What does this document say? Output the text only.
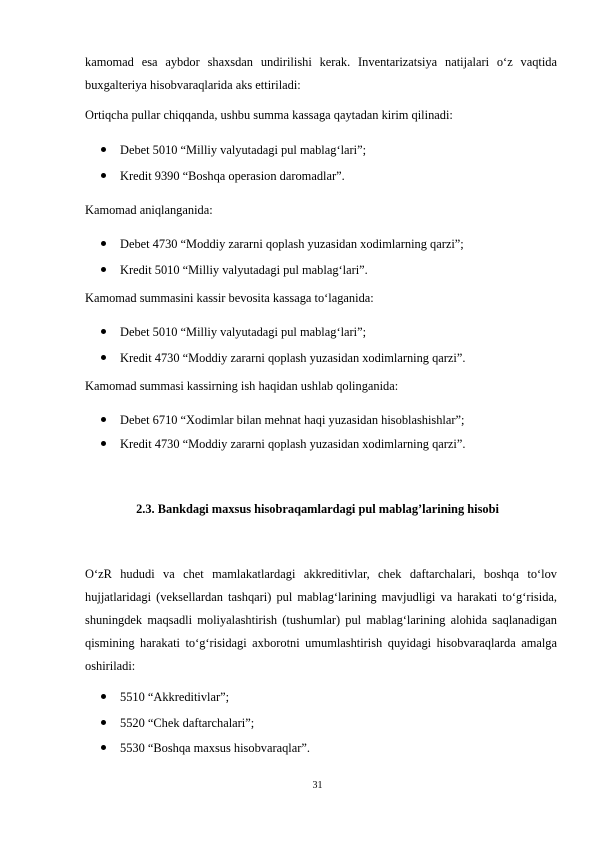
kamomad esa aybdor shaxsdan undirilishi kerak. Inventarizatsiya natijalari o‘z vaqtida buxgalteriya hisobvaraqlarida aks ettiriladi:

Ortiqcha pullar chiqqanda, ushbu summa kassaga qaytadan kirim qilinadi:
Debet 5010 “Milliy valyutadagi pul mablag‘lari”;
Kredit 9390 “Boshqa operasion daromadlar”.
Kamomad aniqlanganida:
Debet 4730 “Moddiy zararni qoplash yuzasidan xodimlarning qarzi”;
Kredit 5010 “Milliy valyutadagi pul mablag‘lari”.
Kamomad summasini kassir bevosita kassaga to‘laganida:
Debet 5010 “Milliy valyutadagi pul mablag‘lari”;
Kredit 4730 “Moddiy zararni qoplash yuzasidan xodimlarning qarzi”.
Kamomad summasi kassirning ish haqidan ushlab qolinganida:
Debet 6710 “Xodimlar bilan mehnat haqi yuzasidan hisoblashishlar”;
Kredit 4730 “Moddiy zararni qoplash yuzasidan xodimlarning qarzi”.
2.3. Bankdagi maxsus hisobraqamlardagi pul mablag’larining hisobi

O‘zR hududi va chet mamlakatlardagi akkreditivlar, chek daftarchalari, boshqa to‘lov hujjatlaridagi (veksellardan tashqari) pul mablag‘larining mavjudligi va harakati to‘g‘risida, shuningdek maqsadli moliyalashtirish (tushumlar) pul mablag‘larining alohida saqlanadigan qismining harakati to‘g‘risidagi axborotni umumlashtirish quyidagi hisobvaraqlarda amalga oshiriladi:

5510 “Akkreditivlar”;
5520 “Chek daftarchalari”;
5530 “Boshqa maxsus hisobvaraqlar”.
31
